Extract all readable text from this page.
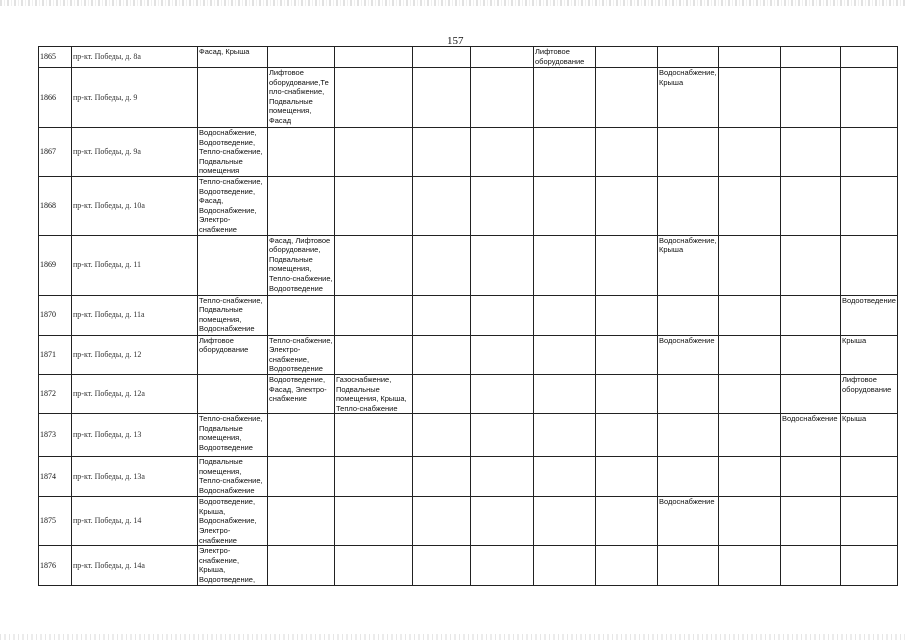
157
1865	пр-кт. Победы, д. 8а	Фасад, Крыша					Лифтовое оборудование					
1866	пр-кт. Победы, д. 9		Лифтовое оборудование,Те пло-снабжение, Подвальные помещения, Фасад						Водоснабжение, Крыша			
1867	пр-кт. Победы, д. 9а	Водоснабжение, Водоотведение, Тепло-снабжение, Подвальные помещения										
1868	пр-кт. Победы, д. 10а	Тепло-снабжение, Водоотведение, Фасад, Водоснабжение, Электро-снабжение										
1869	пр-кт. Победы, д. 11		Фасад, Лифтовое оборудование, Подвальные помещения, Тепло-снабжение, Водоотведение						Водоснабжение, Крыша			
1870	пр-кт. Победы, д. 11а	Тепло-снабжение, Подвальные помещения, Водоснабжение										Водоотведение
1871	пр-кт. Победы, д. 12	Лифтовое оборудование	Тепло-снабжение, Электро-снабжение, Водоотведение						Водоснабжение			Крыша
1872	пр-кт. Победы, д. 12а		Водоотведение, Фасад, Электро-снабжение	Газоснабжение, Подвальные помещения, Крыша, Тепло-снабжение								Лифтовое оборудование
1873	пр-кт. Победы, д. 13	Тепло-снабжение, Подвальные помещения, Водоотведение									Водоснабжение	Крыша
1874	пр-кт. Победы, д. 13а	Подвальные помещения, Тепло-снабжение, Водоснабжение										
1875	пр-кт. Победы, д. 14	Водоотведение, Крыша, Водоснабжение, Электро-снабжение							Водоснабжение			
1876	пр-кт. Победы, д. 14а	Электро-снабжение, Крыша, Водоотведение,										
